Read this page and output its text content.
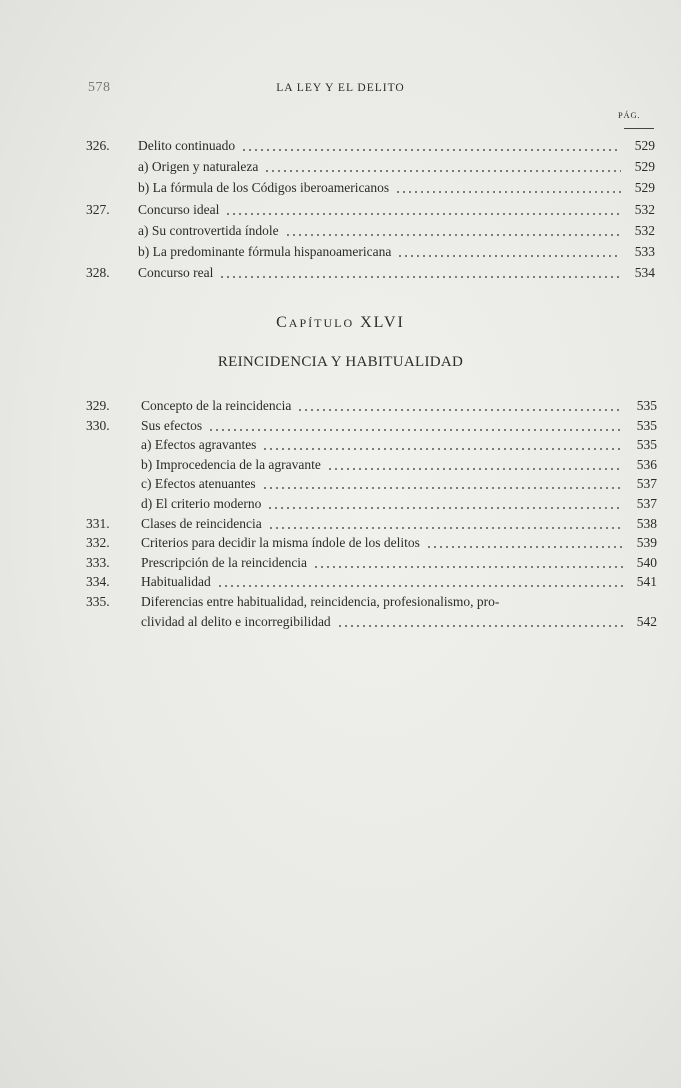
578	LA LEY Y EL DELITO
PÁG.
326.	Delito continuado	529
a) Origen y naturaleza	529
b) La fórmula de los Códigos iberoamericanos	529
327.	Concurso ideal	532
a) Su controvertida índole	532
b) La predominante fórmula hispanoamericana	533
328.	Concurso real	534
329.	Concepto de la reincidencia	535
330.	Sus efectos	535
a) Efectos agravantes	535
b) Improcedencia de la agravante	536
c) Efectos atenuantes	537
d) El criterio moderno	537
331.	Clases de reincidencia	538
332.	Criterios para decidir la misma índole de los delitos	539
333.	Prescripción de la reincidencia	540
334.	Habitualidad	541
335.	Diferencias entre habitualidad, reincidencia, profesionalismo, pro-
clividad al delito e incorregibilidad	542
CAPÍTULO XLVI
REINCIDENCIA Y HABITUALIDAD
